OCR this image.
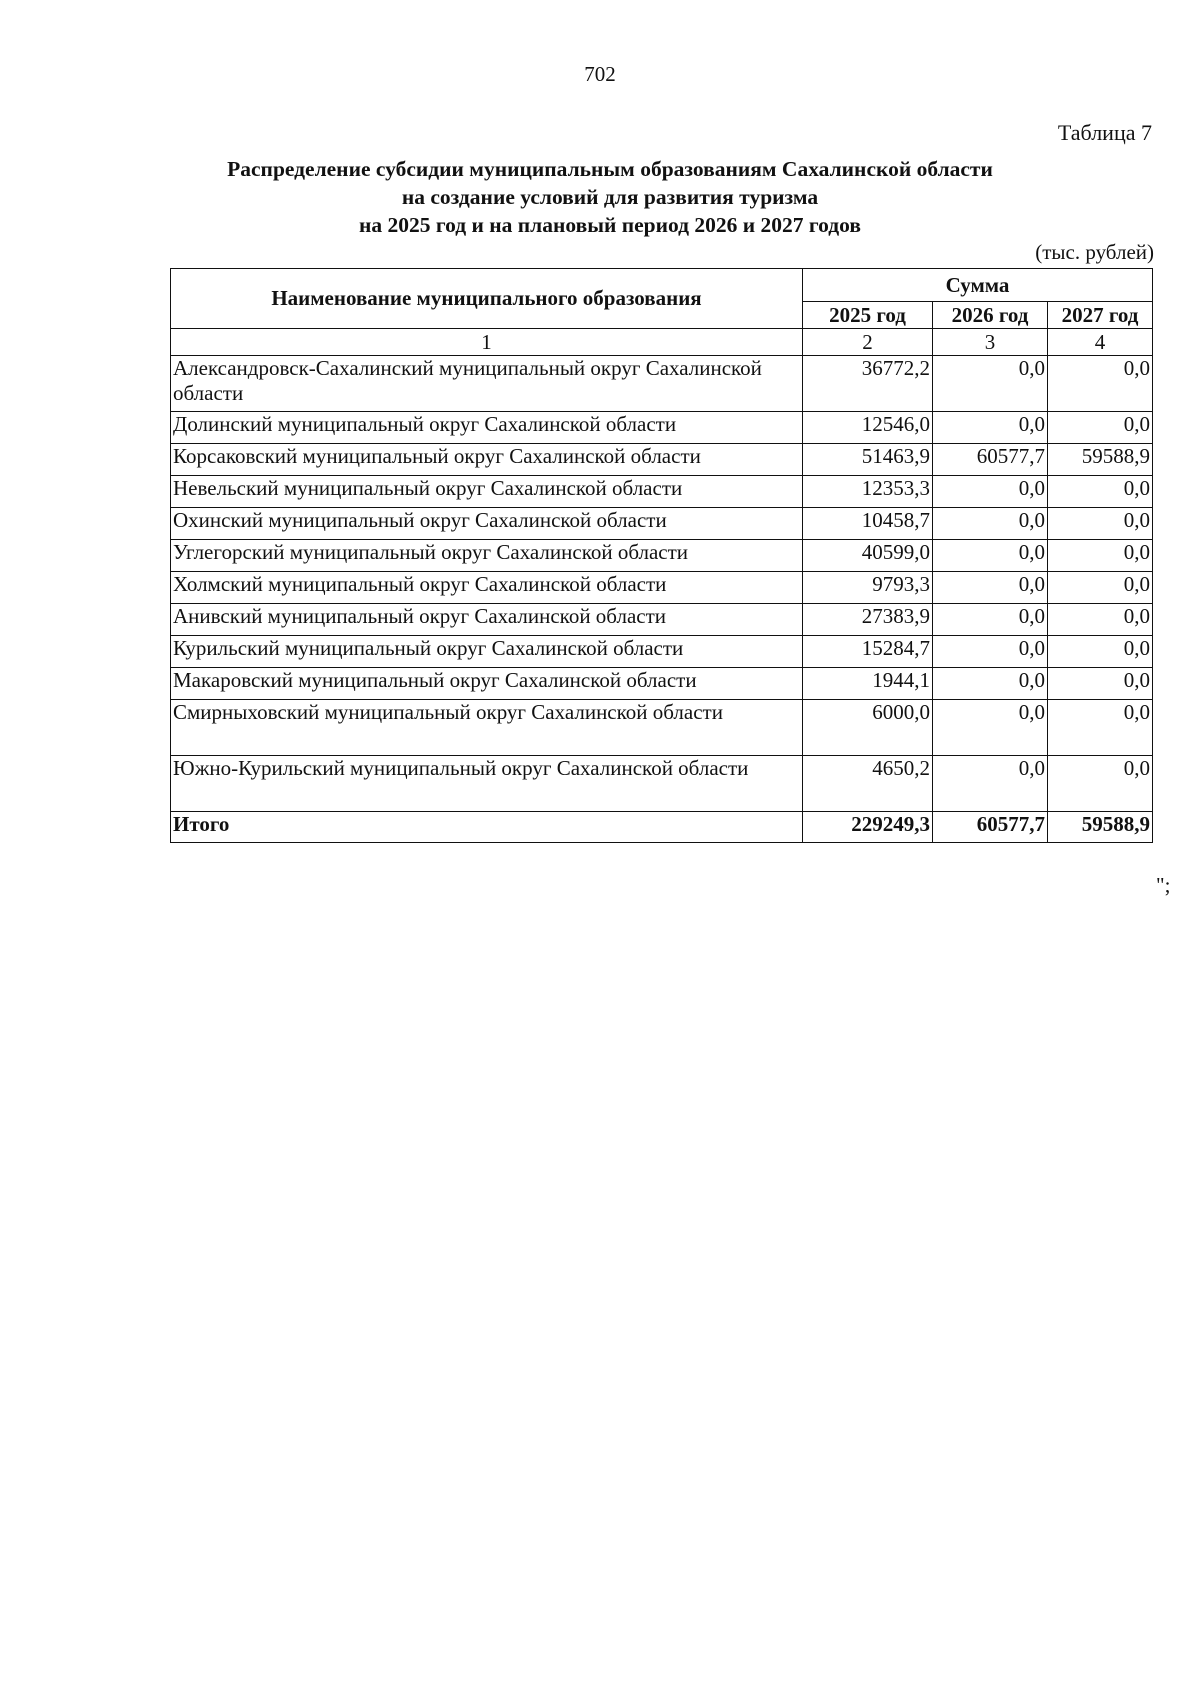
702
Таблица 7
Распределение субсидии муниципальным образованиям Сахалинской области
на создание условий для развития туризма
на 2025 год и на плановый период 2026 и 2027 годов
(тыс. рублей)
Наименование муниципального образования	Сумма		
	2025 год	2026 год	2027 год
1	2	3	4
Александровск-Сахалинский муниципальный округ Сахалинской области	36772,2	0,0	0,0
Долинский муниципальный округ Сахалинской области	12546,0	0,0	0,0
Корсаковский муниципальный округ Сахалинской области	51463,9	60577,7	59588,9
Невельский муниципальный округ Сахалинской области	12353,3	0,0	0,0
Охинский муниципальный округ Сахалинской области	10458,7	0,0	0,0
Углегорский муниципальный округ Сахалинской области	40599,0	0,0	0,0
Холмский муниципальный округ Сахалинской области	9793,3	0,0	0,0
Анивский муниципальный округ Сахалинской области	27383,9	0,0	0,0
Курильский муниципальный округ Сахалинской области	15284,7	0,0	0,0
Макаровский муниципальный округ Сахалинской области	1944,1	0,0	0,0
Смирныховский муниципальный округ Сахалинской области	6000,0	0,0	0,0
Южно-Курильский муниципальный округ Сахалинской области	4650,2	0,0	0,0
Итого	229249,3	60577,7	59588,9
";
